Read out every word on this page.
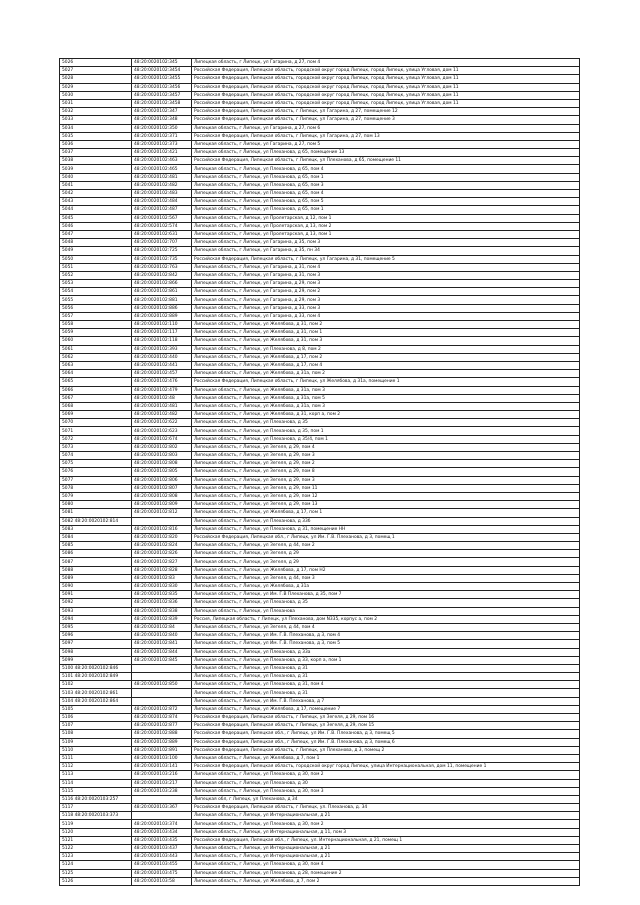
5026	48:20:0020102:345	Липецкая область, г Липецк, ул Гагарина, д 27, пом 4
5027	48:20:0020102:3454	Российская Федерация, Липецкая область, городской округ город Липецк, город Липецк, улица Угловая, дом 11
5028	48:20:0020102:3455	Российская Федерация, Липецкая область, городской округ город Липецк, город Липецк, улица Угловая, дом 11
5029	48:20:0020102:3456	Российская Федерация, Липецкая область, городской округ город Липецк, город Липецк, улица Угловая, дом 11
5030	48:20:0020102:3457	Российская Федерация, Липецкая область, городской округ город Липецк, город Липецк, улица Угловая, дом 11
5031	48:20:0020102:3458	Российская Федерация, Липецкая область, городской округ город Липецк, город Липецк, улица Угловая, дом 11
5032	48:20:0020102:347	Российская Федерация, Липецкая область, г Липецк, ул Гагарина, д 27, помещение 12
5033	48:20:0020102:348	Российская Федерация, Липецкая область, г Липецк, ул Гагарина, д 27, помещение 3
5034	48:20:0020102:350	Липецкая область, г Липецк, ул Гагарина, д 27, пом 6
5035	48:20:0020102:371	Российская Федерация, Липецкая область, г Липецк, ул Гагарина, д 27, пом 13
5036	48:20:0020102:373	Липецкая область, г Липецк, ул Гагарина, д 27, пом 5
5037	48:20:0020102:421	Липецкая область, г Липецк, ул Плеханова, д 65, помещение 13
5038	48:20:0020102:463	Российская Федерация, Липецкая область, г Липецк, ул Плеханова, д 65, помещение 11
5039	48:20:0020102:465	Липецкая область, г Липецк, ул Плеханова, д 65, пом 4
5040	48:20:0020102:481	Липецкая область, г Липецк, ул Плеханова, д 65, пом 1
5041	48:20:0020102:482	Липецкая область, г Липецк, ул Плеханова, д 65, пом 3
5042	48:20:0020102:483	Липецкая область, г Липецк, ул Плеханова, д 65, пом 4
5043	48:20:0020102:484	Липецкая область, г Липецк, ул Плеханова, д 65, пом 5
5044	48:20:0020102:487	Липецкая область, г Липецк, ул Плеханова, д 65, пом 1
5045	48:20:0020102:567	Липецкая область, г Липецк, ул Пролетарская, д 12, пом 1
5046	48:20:0020102:574	Липецкая область, г Липецк, ул Пролетарская, д 13, пом 2
5047	48:20:0020102:631	Липецкая область, г Липецк, ул Пролетарская, д 13, пом 1
5048	48:20:0020102:707	Липецкая область, г Липецк, ул Гагарина, д 35, пом 3
5049	48:20:0020102:725	Липецкая область, г Липецк, ул Гагарина, д 35, пн 34
5050	48:20:0020102:735	Российская Федерация, Липецкая область, г Липецк, ул Гагарина, д 31, помещение 5
5051	48:20:0020102:763	Липецкая область, г Липецк, ул Гагарина, д 31, пом 4
5052	48:20:0020102:842	Липецкая область, г Липецк, ул Гагарина, д 31, пом 3
5053	48:20:0020102:866	Липецкая область, г Липецк, ул Гагарина, д 29, пом 3
5054	48:20:0020102:861	Липецкая область, г Липецк, ул Гагарина, д 29, пом 2
5055	48:20:0020102:881	Липецкая область, г Липецк, ул Гагарина, д 29, пом 3
5056	48:20:0020102:886	Липецкая область, г Липецк, ул Гагарина, д 33, пом 3
5057	48:20:0020102:889	Липецкая область, г Липецк, ул Гагарина, д 33, пом 4
5058	48:20:0020102:110	Липецкая область, г Липецк, ул Желябова, д 31, пом 2
5059	48:20:0020102:117	Липецкая область, г Липецк, ул Желябова, д 31, пом 1
5060	48:20:0020102:118	Липецкая область, г Липецк, ул Желябова, д 31, пом 3
5061	48:20:0020102:393	Липецкая область, г Липецк, ул Плеханова, д 8, пом 2
5062	48:20:0020102:440	Липецкая область, г Липецк, ул Желябова, д 17, пом 2
5063	48:20:0020102:441	Липецкая область, г Липецк, ул Желябова, д 17, пом 4
5064	48:20:0020102:457	Липецкая область, г Липецк, ул Желябова, д 31а, пом 2
5065	48:20:0020102:476	Российская Федерация, Липецкая область, г Липецк, ул Желябова, д 31а, помещение 1
5066	48:20:0020102:479	Липецкая область, г Липецк, ул Желябова, д 31а, пом 3
5067	48:20:0020102:48	Липецкая область, г Липецк, ул Желябова, д 31а, пом 5
5068	48:20:0020102:481	Липецкая область, г Липецк, ул Желябова, д 31а, пом 3
5069	48:20:0020102:482	Липецкая область, г Липецк, ул Желябова, д 31, корп а, пом 2
5070	48:20:0020102:622	Липецкая область, г Липецк, ул Плеханова, д 35
5071	48:20:0020102:623	Липецкая область, г Липецк, ул Плеханова, д 35, пом 1
5072	48:20:0020102:674	Липецкая область, г Липецк, ул Плеханова, д 35/4, пом 1
5073	48:20:0020102:802	Липецкая область, г Липецк, ул Зегеля, д 29, пом 4
5074	48:20:0020102:803	Липецкая область, г Липецк, ул Зегеля, д 29, пом 3
5075	48:20:0020102:808	Липецкая область, г Липецк, ул Зегеля, д 29, пом 2
5076	48:20:0020102:805	Липецкая область, г Липецк, ул Зегеля, д 29, пом 8
5077	48:20:0020102:806	Липецкая область, г Липецк, ул Зегеля, д 29, пом 3
5078	48:20:0020102:807	Липецкая область, г Липецк, ул Зегеля, д 29, пом 11
5079	48:20:0020102:808	Липецкая область, г Липецк, ул Зегеля, д 29, пом 12
5080	48:20:0020102:809	Липецкая область, г Липецк, ул Зегеля, д 29, пом 13
5081	48:20:0020102:812	Липецкая область, г Липецк, ул Желябова, д 17, пом 1
5082 48:20:0020102:814		Липецкая область, г Липецк, ул Плеханова, д 33б
5083	48:20:0020102:816	Липецкая область, г Липецк, ул Плеханова, д 31, помещение НН
5084	48:20:0020102:820	Российская Федерация, Липецкая обл., г Липецк, ул Им. Г.В. Плеханова, д 3, помещ 1
5085	48:20:0020102:824	Липецкая область, г Липецк, ул Зегеля, д 44, пом 2
5086	48:20:0020102:826	Липецкая область, г Липецк, ул Зегеля, д 29
5087	48:20:0020102:827	Липецкая область, г Липецк, ул Зегеля, д 29
5088	48:20:0020102:828	Липецкая область, г Липецк, ул Желябова, д 17, пом Н2
5089	48:20:0020102:83	Липецкая область, г Липецк, ул Зегеля, д 44, пом 3
5090	48:20:0020102:830	Липецкая область, г Липецк, ул Желябова, д 31а
5091	48:20:0020102:835	Липецкая область, г Липецк, ул Им. Г.В Плеханова, д 35, пом 7
5092	48:20:0020102:836	Липецкая область, г Липецк, ул Плеханова, д 35
5093	48:20:0020102:838	Липецкая область, г Липецк, ул Плеханова
5094	48:20:0020102:839	Россия, Липецкая область, г Липецк, ул Плеханова, дом N335, корпус а, пом 2
5095	48:20:0020102:84	Липецкая область, г Липецк, ул Зегеля, д 44, пом 4
5096	48:20:0020102:840	Липецкая область, г Липецк, ул Им. Г.В. Плеханова, д 3, пом 4
5097	48:20:0020102:841	Липецкая область, г Липецк, ул Им. Г.В. Плеханова, д 3, пом 5
5098	48:20:0020102:844	Липецкая область, г Липецк, ул Плеханова, д 33а
5099	48:20:0020102:845	Липецкая область, г Липецк, ул Плеханова, д 33, корп а, пом 1
5100 48:20:0020102:846		Липецкая область, г Липецк, ул Плеханова, д 31
5101 48:20:0020102:849		Липецкая область, г Липецк, ул Плеханова, д 31
5102	48:20:0020102:850	Липецкая область, г Липецк, ул Плеханова, д 31, пом 4
5103 48:20:0020102:861		Липецкая область, г Липецк, ул Плеханова, д 31
5104 48:20:0020102:864		Липецкая область, г Липецк, ул Им. Г.В. Плеханова, д 7
5105	48:20:0020102:872	Липецкая область, г Липецк, ул Желябова, д 17, помещение 7
5106	48:20:0020102:874	Российская Федерация, Липецкая область, г Липецк, ул Зегеля, д 29, пом 16
5107	48:20:0020102:877	Российская Федерация, Липецкая область, г Липецк, ул Зегеля, д 29, пом 15
5108	48:20:0020102:888	Российская Федерация, Липецкая обл., г Липецк, ул Им. Г.В. Плеханова, д 3, помещ 5
5109	48:20:0020102:889	Российская Федерация, Липецкая обл., г Липецк, ул Им. Г.В. Плеханова, д 3, помещ 6
5110	48:20:0020102:891	Российская Федерация, Липецкая область, г Липецк, ул Плеханова, д 3, помещ 2
5111	48:20:0020103:100	Липецкая область, г Липецк, ул Желябова, д 7, пом 1
5112	48:20:0020103:141	Российская Федерация, Липецкая область, городской округ город Липецк, улица Интернациональная, дом 11, помещение 1
5113	48:20:0020103:216	Липецкая область, г Липецк, ул Плеханова, д 30, пом 2
5114	48:20:0020103:217	Липецкая область, г Липецк, ул Плеханова, д 30
5115	48:20:0020103:238	Липецкая область, г Липецк, ул Плеханова, д 30, пом 3
5116 48:20:0020103:257		Липецкая обл, г Липецк, ул Плеханова, д 34
5117	48:20:0020103:367	Российская Федерация, Липецкая область, г Липецк, ул. Плеханова, д. 34
5118 48:20:0020103:373		Липецкая область, г Липецк, ул Интернациональная, д 21
5119	48:20:0020103:374	Липецкая область, г Липецк, ул Плеханова, д 30, пом 2
5120	48:20:0020103:434	Липецкая область, г Липецк, ул Интернациональная, д 11, пом 3
5121	48:20:0020103:435	Российская Федерация, Липецкая обл., г Липецк, ул. Интернациональная, д 21, помещ 1
5122	48:20:0020103:437	Липецкая область, г Липецк, ул Интернациональная, д 21
5123	48:20:0020103:443	Липецкая область, г Липецк, ул Интернациональная, д 21
5124	48:20:0020103:455	Липецкая область, г Липецк, ул Плеханова, д 30, пом 4
5125	48:20:0020103:475	Липецкая область, г Липецк, ул Плеханова, д 28, помещение 2
5126	48:20:0020103:58	Липецкая область, г Липецк, ул Желябова, д 7, пом 2
